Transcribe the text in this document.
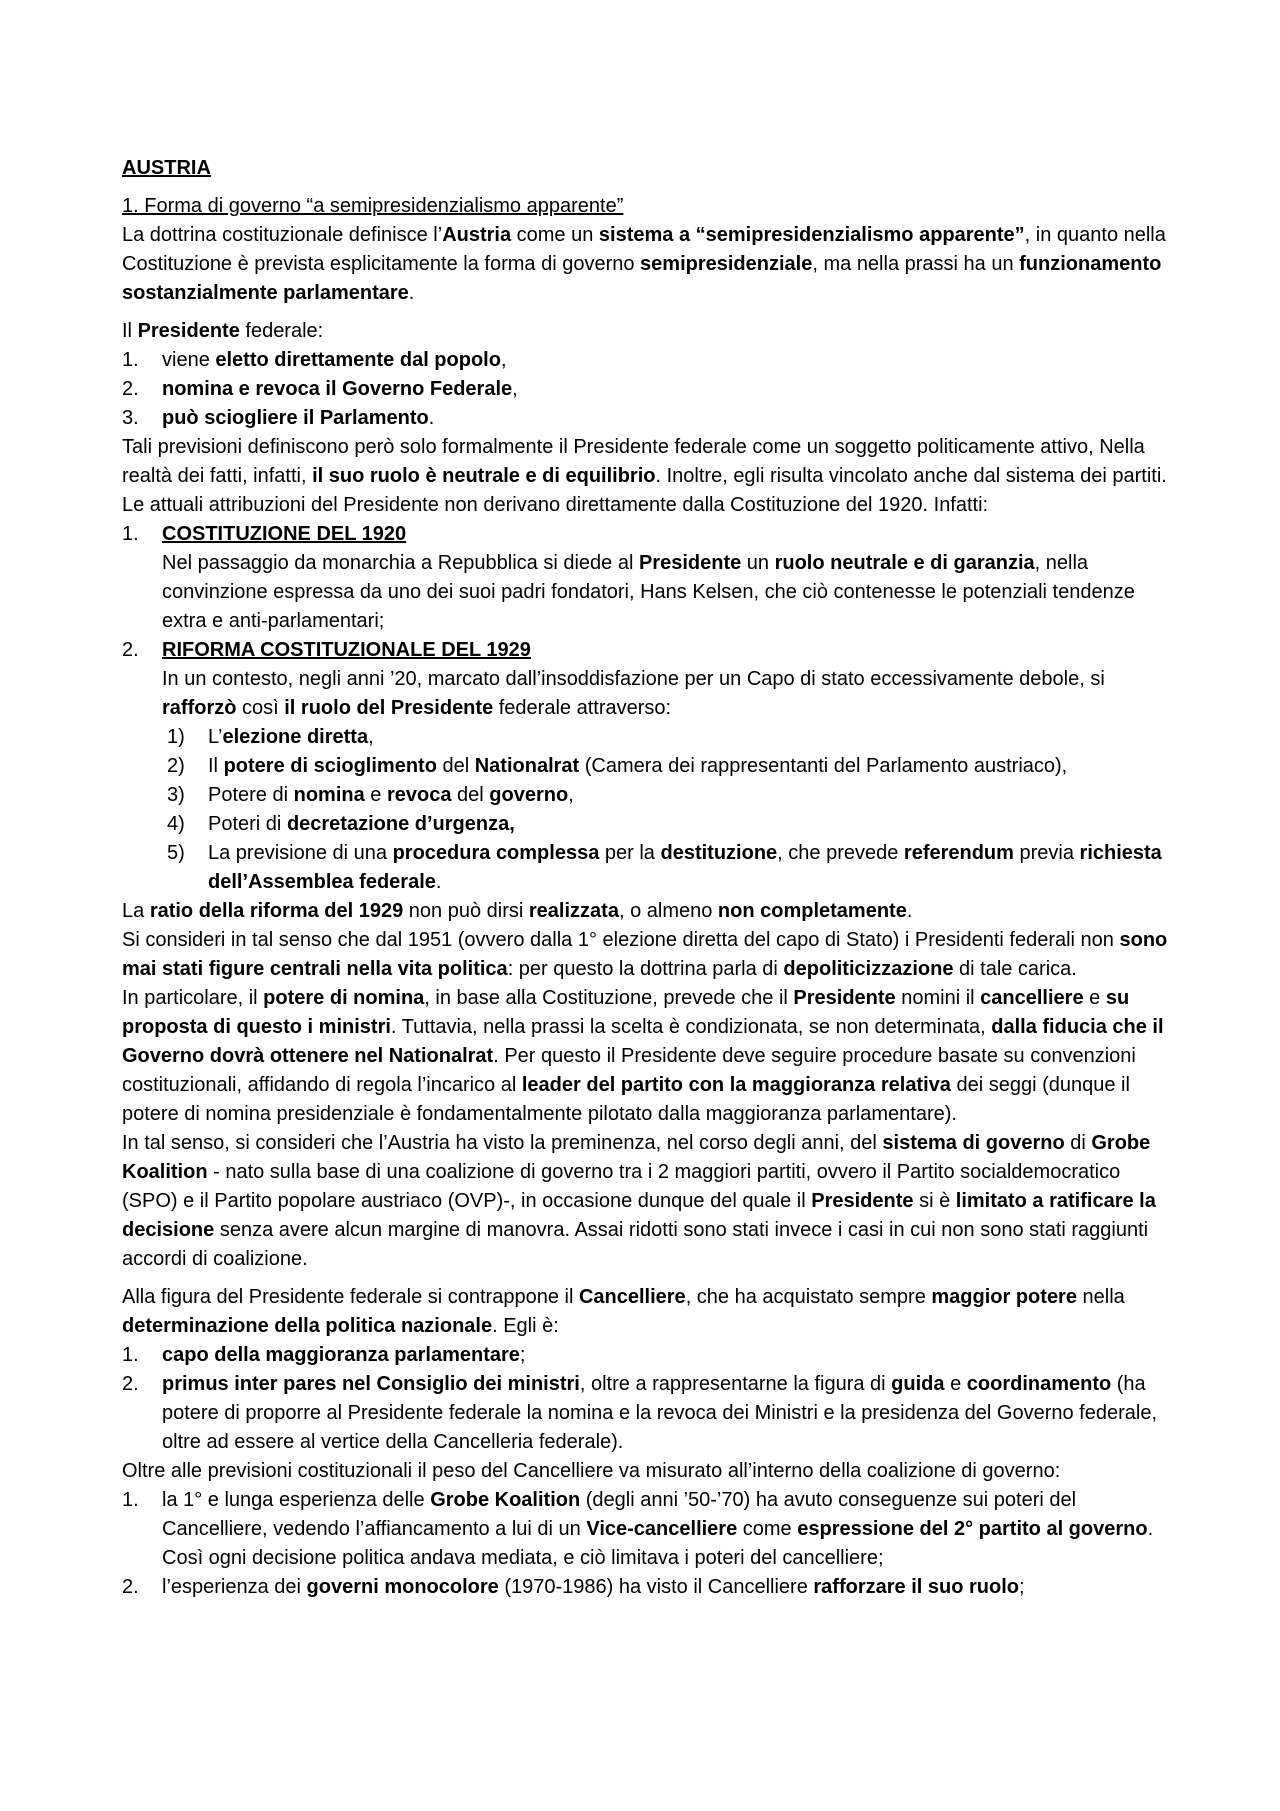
AUSTRIA

1. Forma di governo “a semipresidenzialismo apparente”

La dottrina costituzionale definisce l’Austria come un sistema a “semipresidenzialismo apparente”, in quanto nella Costituzione è prevista esplicitamente la forma di governo semipresidenziale, ma nella prassi ha un funzionamento sostanzialmente parlamentare.

Il Presidente federale:

1. viene eletto direttamente dal popolo,

2. nomina e revoca il Governo Federale,

3. può sciogliere il Parlamento.

Tali previsioni definiscono però solo formalmente il Presidente federale come un soggetto politicamente attivo, Nella realtà dei fatti, infatti, il suo ruolo è neutrale e di equilibrio. Inoltre, egli risulta vincolato anche dal sistema dei partiti.

Le attuali attribuzioni del Presidente non derivano direttamente dalla Costituzione del 1920. Infatti:

1. COSTITUZIONE DEL 1920

Nel passaggio da monarchia a Repubblica si diede al Presidente un ruolo neutrale e di garanzia, nella convinzione espressa da uno dei suoi padri fondatori, Hans Kelsen, che ciò contenesse le potenziali tendenze extra e anti-parlamentari;

2. RIFORMA COSTITUZIONALE DEL 1929

In un contesto, negli anni ’20, marcato dall’insoddisfazione per un Capo di stato eccessivamente debole, si rafforzò così il ruolo del Presidente federale attraverso:

1) L’elezione diretta,

2) Il potere di scioglimento del Nationalrat (Camera dei rappresentanti del Parlamento austriaco),

3) Potere di nomina e revoca del governo,

4) Poteri di decretazione d’urgenza,

5) La previsione di una procedura complessa per la destituzione, che prevede referendum previa richiesta dell’Assemblea federale.

La ratio della riforma del 1929 non può dirsi realizzata, o almeno non completamente.

Si consideri in tal senso che dal 1951 (ovvero dalla 1° elezione diretta del capo di Stato) i Presidenti federali non sono mai stati figure centrali nella vita politica: per questo la dottrina parla di depoliticizzazione di tale carica.

In particolare, il potere di nomina, in base alla Costituzione, prevede che il Presidente nomini il cancelliere e su proposta di questo i ministri. Tuttavia, nella prassi la scelta è condizionata, se non determinata, dalla fiducia che il Governo dovrà ottenere nel Nationalrat. Per questo il Presidente deve seguire procedure basate su convenzioni costituzionali, affidando di regola l’incarico al leader del partito con la maggioranza relativa dei seggi (dunque il potere di nomina presidenziale è fondamentalmente pilotato dalla maggioranza parlamentare).

In tal senso, si consideri che l’Austria ha visto la preminenza, nel corso degli anni, del sistema di governo di Grobe Koalition - nato sulla base di una coalizione di governo tra i 2 maggiori partiti, ovvero il Partito socialdemocratico (SPO) e il Partito popolare austriaco (OVP)-, in occasione dunque del quale il Presidente si è limitato a ratificare la decisione senza avere alcun margine di manovra. Assai ridotti sono stati invece i casi in cui non sono stati raggiunti accordi di coalizione.

Alla figura del Presidente federale si contrappone il Cancelliere, che ha acquistato sempre maggior potere nella determinazione della politica nazionale. Egli è:

1. capo della maggioranza parlamentare;

2. primus inter pares nel Consiglio dei ministri, oltre a rappresentarne la figura di guida e coordinamento (ha potere di proporre al Presidente federale la nomina e la revoca dei Ministri e la presidenza del Governo federale, oltre ad essere al vertice della Cancelleria federale).

Oltre alle previsioni costituzionali il peso del Cancelliere va misurato all’interno della coalizione di governo:

1. la 1° e lunga esperienza delle Grobe Koalition (degli anni ’50-’70) ha avuto conseguenze sui poteri del Cancelliere, vedendo l’affiancamento a lui di un Vice-cancelliere come espressione del 2° partito al governo. Così ogni decisione politica andava mediata, e ciò limitava i poteri del cancelliere;

2. l’esperienza dei governi monocolore (1970-1986) ha visto il Cancelliere rafforzare il suo ruolo;
